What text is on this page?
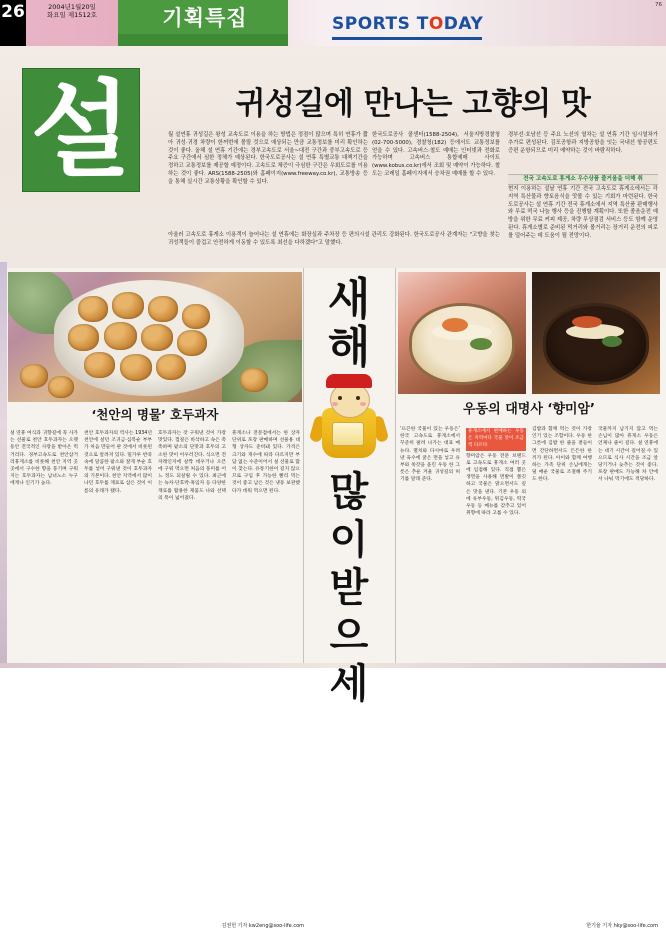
26	2004년1월20일
화요일 제1512호	기획특집	SPORTS TODAY
76
설	귀성길에 만나는 고향의 맛
월 설연휴 귀성길은 왕성 교속도로 이용을 하는 방법은 정점이 많으며 특히 연휴가 짧아 귀성·귀경 차량이 한꺼번에 몰릴 것으로 예상되는 만큼 교통정보를 미리 확인하는 것이 좋다. 올해 설 연휴 기간에는 경부고속도로 서울~대전 구간과 중부고속도로 등 주요 구간에서 심한 정체가 예상된다. 한국도로공사는 설 연휴 특별교통 대책기간을 정하고 교통정보를 제공할 예정이다. 고속도로 체증이 극심한 구간은 우회도로를 이용하는 것이 좋다. ARS(1588-2505)와 홈페이지(www.freeway.co.kr), 교통방송 등을 통해 실시간 교통상황을 확인할 수 있다.
한국도로공사 콜센터(1588-2504), 서울지방경찰청(02-700-5000), 경찰청(182) 등에서도 교통정보를 얻을 수 있다. 고속버스·철도 예매는 인터넷과 전화로 가능하며 고속버스 통합예매 사이트(www.kobus.co.kr)에서 조회 및 예약이 가능하다. 철도는 코레일 홈페이지에서 승차권 예매를 할 수 있다.
경부선·호남선 등 주요 노선의 열차는 설 연휴 기간 임시열차가 추가로 편성된다. 김포공항과 지방공항을 잇는 국내선 항공편도 증편 운항되므로 미리 예약하는 것이 바람직하다.
전국 고속도로 휴게소 우수상품 즐거움을 더해 취
현지 이용하는 설날 연휴 기간 전국 고속도로 휴게소에서는 각 지역 특산물과 향토음식을 맛볼 수 있는 기회가 마련된다. 한국도로공사는 설 연휴 기간 전국 휴게소에서 지역 특산품 판매행사와 무료 떡국 나눔 행사 등을 진행할 계획이다. 또한 졸음운전 예방을 위한 무료 커피 제공, 차량 무상점검 서비스 등도 함께 운영된다. 휴게소별로 준비된 먹거리와 볼거리는 장거리 운전의 피로를 덜어주는 데 도움이 될 전망이다.
아울러 고속도로 휴게소 이용객이 늘어나는 설 연휴에는 화장실과 주차장 등 편의시설 관리도 강화된다. 한국도로공사 관계자는 "고향을 찾는 귀성객들이 즐겁고 안전하게 이동할 수 있도록 최선을 다하겠다"고 말했다.
‘천안의 명물’ 호두과자
설 연휴 여식과 귀향길에 꼭 사가는 선물로 천안 호두과자는 오랫동안 전국적인 사랑을 받아온 먹거리다. 경부고속도로 천안삼거리휴게소를 비롯해 천안 지역 곳곳에서 구수한 향을 풍기며 구워지는 호두과자는 남녀노소 누구에게나 인기가 높다.
천안 호두과자의 역사는 1934년 천안에 살던 조귀금·심복순 부부가 처음 만들어 판 것에서 비롯된 것으로 알려져 있다. 밀가루 반죽 속에 달콤한 팥소와 잘게 부순 호두를 넣어 구워낸 것이 호두과자의 기본이다. 천안 지역에서 많이 나던 호두를 재료로 삼은 것이 이름의 유래가 됐다.
호두과자는 갓 구워낸 것이 가장 맛있다. 껍질은 바삭하고 속은 촉촉하며 팥소의 단맛과 호두의 고소한 맛이 어우러진다. 식으면 전자레인지에 살짝 데우거나 오븐에 구워 먹으면 처음의 풍미를 어느 정도 되살릴 수 있다. 최근에는 녹차·단호박·흑임자 등 다양한 재료를 활용한 제품도 나와 선택의 폭이 넓어졌다.
휴게소나 전문점에서는 한 상자 단위로 포장 판매하며 선물용 대형 상자도 준비돼 있다. 가격은 크기와 개수에 따라 다르지만 부담 없는 수준이어서 설 선물로 많이 찾는다. 유통기한이 길지 않으므로 구입 후 가능한 빨리 먹는 것이 좋고 남은 것은 냉동 보관했다가 데워 먹으면 된다.
김권헌 기자 kw2eng@soo-life.com
새
해
많
이
받
으
세
우동의 대명사 ‘향미암’
‘뜨끈한 국물이 있는 우동은’ 한국 고속도로 휴게소에서 꾸준히 팔려 나가는 대표 메뉴다. 멸치와 다시마로 우려낸 육수에 굵은 면을 넣고 유부와 쑥갓을 올린 우동 한 그릇은 추운 겨울 귀성길의 허기를 달래 준다.
휴게소에서 판매하는 우동은 지역마다 국물 맛이 조금씩 다르다
향미암은 우동 전문 브랜드로 고속도로 휴게소 여러 곳에 입점해 있다. 직접 뽑은 생면을 사용해 면발이 쫄깃하고 국물은 맑으면서도 깊은 맛을 낸다. 기본 우동 외에 유부우동, 튀김우동, 떡국우동 등 메뉴를 갖추고 있어 취향에 따라 고를 수 있다.
김밥과 함께 먹는 것이 가장 인기 있는 조합이다. 우동 한 그릇에 김밥 한 줄을 곁들이면 간단하면서도 든든한 한 끼가 된다. 아이와 함께 여행하는 가족 단위 손님에게는 덜 매운 국물로 조절해 주기도 한다.
국물까지 남기지 않고 먹는 손님이 많아 휴게소 우동은 언제나 줄이 길다. 설 연휴에는 대기 시간이 길어질 수 있으므로 식사 시간을 조금 앞당기거나 늦추는 것이 좋다. 포장 판매도 가능해 차 안에서 나눠 먹기에도 적당하다.
한기율 기자 hky@soo-life.com
